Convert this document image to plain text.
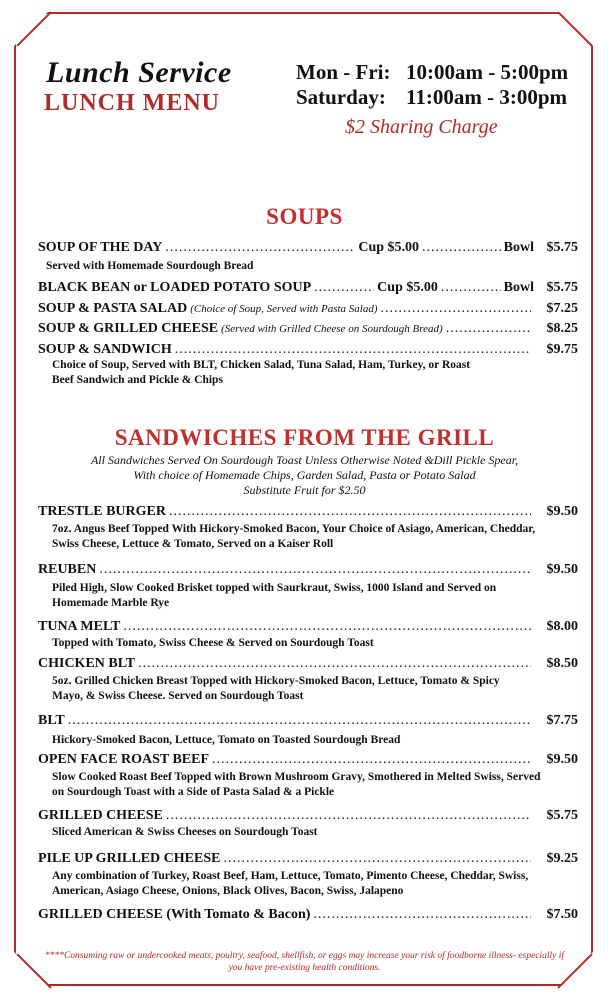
Lunch Service
LUNCH MENU
Mon - Fri: 10:00am - 5:00pm
Saturday: 11:00am - 3:00pm
$2 Sharing Charge
SOUPS
SOUP OF THE DAY .....	Cup $5.00 .....	Bowl $5.75
Served with Homemade Sourdough Bread
BLACK BEAN or LOADED POTATO SOUP .....	Cup $5.00 .....	Bowl $5.75
SOUP & PASTA SALAD (Choice of Soup, Served with Pasta Salad) .....	$7.25
SOUP & GRILLED CHEESE (Served with Grilled Cheese on Sourdough Bread) .....	$8.25
SOUP & SANDWICH .....	$9.75
Choice of Soup, Served with BLT, Chicken Salad, Tuna Salad, Ham, Turkey, or Roast Beef Sandwich and Pickle & Chips
SANDWICHES FROM THE GRILL
All Sandwiches Served On Sourdough Toast Unless Otherwise Noted &Dill Pickle Spear,
With choice of Homemade Chips, Garden Salad, Pasta or Potato Salad
Substitute Fruit for $2.50
TRESTLE BURGER .....	$9.50
7oz. Angus Beef Topped With Hickory-Smoked Bacon, Your Choice of Asiago, American, Cheddar, Swiss Cheese, Lettuce & Tomato, Served on a Kaiser Roll
REUBEN .....	$9.50
Piled High, Slow Cooked Brisket topped with Saurkraut, Swiss, 1000 Island and Served on Homemade Marble Rye
TUNA MELT .....	$8.00
Topped with Tomato, Swiss Cheese & Served on Sourdough Toast
CHICKEN BLT .....	$8.50
5oz. Grilled Chicken Breast Topped with Hickory-Smoked Bacon, Lettuce, Tomato & Spicy Mayo, & Swiss Cheese. Served on Sourdough Toast
BLT .....	$7.75
Hickory-Smoked Bacon, Lettuce, Tomato on Toasted Sourdough Bread
OPEN FACE ROAST BEEF .....	$9.50
Slow Cooked Roast Beef Topped with Brown Mushroom Gravy, Smothered in Melted Swiss, Served on Sourdough Toast with a Side of Pasta Salad & a Pickle
GRILLED CHEESE .....	$5.75
Sliced American & Swiss Cheeses on Sourdough Toast
PILE UP GRILLED CHEESE .....	$9.25
Any combination of Turkey, Roast Beef, Ham, Lettuce, Tomato, Pimento Cheese, Cheddar, Swiss, American, Asiago Cheese, Onions, Black Olives, Bacon, Swiss, Jalapeno
GRILLED CHEESE (With Tomato & Bacon) .....	$7.50
****Consuming raw or undercooked meats, poultry, seafood, shellfish, or eggs may increase your risk of foodborne illness- especially if you have pre-existing health conditions.
